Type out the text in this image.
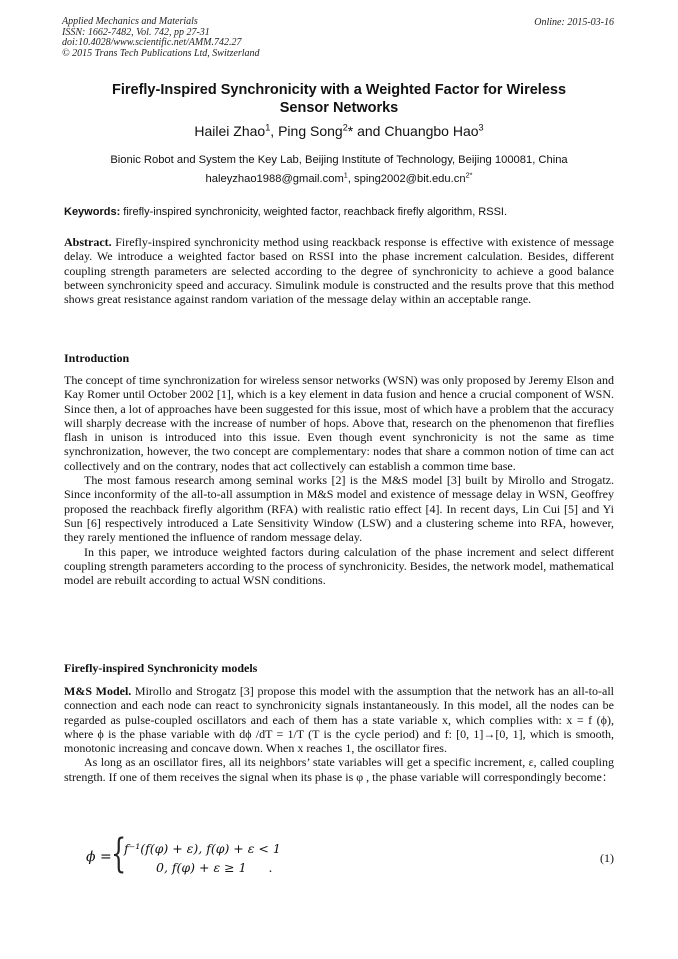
Applied Mechanics and Materials
ISSN: 1662-7482, Vol. 742, pp 27-31
doi:10.4028/www.scientific.net/AMM.742.27
© 2015 Trans Tech Publications Ltd, Switzerland
Online: 2015-03-16
Firefly-Inspired Synchronicity with a Weighted Factor for Wireless
Sensor Networks
Hailei Zhao$^1$, Ping Song$^2$* and Chuangbo Hao$^3$
Bionic Robot and System the Key Lab, Beijing Institute of Technology, Beijing 100081, China
haleyzhao1988@gmail.com$^1$, $sping2002@bit.edu.cn^{2*}$
Keywords: firefly-inspired synchronicity, weighted factor, reachback firefly algorithm, RSSI.

Abstract. Firefly-inspired synchronicity method using reackback response is effective with existence of message delay. We introduce a weighted factor based on RSSI into the phase increment calculation. Besides, different coupling strength parameters are selected according to the degree of synchronicity to achieve a good balance between synchronicity speed and accuracy. Simulink module is constructed and the results prove that this method shows great resistance against random variation of the message delay within an acceptable range.

Introduction

The concept of time synchronization for wireless sensor networks (WSN) was only proposed by Jeremy Elson and Kay Romer until October 2002 [1], which is a key element in data fusion and hence a crucial component of WSN. Since then, a lot of approaches have been suggested for this issue, most of which have a problem that the accuracy will sharply decrease with the increase of number of hops. Above that, research on the phenomenon that fireflies flash in unison is introduced into this issue. Even though event synchronicity is not the same as time synchronization, however, the two concept are complementary: nodes that share a common notion of time can act collectively and on the contrary, nodes that act collectively can establish a common time base.

The most famous research among seminal works [2] is the M&S model [3] built by Mirollo and Strogatz. Since inconformity of the all-to-all assumption in M&S model and existence of message delay in WSN, Geoffrey proposed the reachback firefly algorithm (RFA) with realistic ratio effect [4]. In recent days, Lin Cui [5] and Yi Sun [6] respectively introduced a Late Sensitivity Window (LSW) and a clustering scheme into RFA, however, they rarely mentioned the influence of random message delay.

In this paper, we introduce weighted factors during calculation of the phase increment and select different coupling strength parameters according to the process of synchronicity. Besides, the network model, mathematical model are rebuilt according to actual WSN conditions.

Firefly-inspired Synchronicity models

M&S Model. Mirollo and Strogatz [3] propose this model with the assumption that the network has an all-to-all connection and each node can react to synchronicity signals instantaneously. In this model, all the nodes can be regarded as pulse-coupled oscillators and each of them has a state variable x, which complies with: x = f (ϕ), where ϕ is the phase variable with dϕ /dT = 1/T (T is the cycle period) and f: [0, 1]→[0, 1], which is smooth, monotonic increasing and concave down. When x reaches 1, the oscillator fires.

As long as an oscillator fires, all its neighbors’ state variables will get a specific increment, ε, called coupling strength. If one of them receives the signal when its phase is φ , the phase variable will correspondingly become：

ϕ = {
f⁻¹(f(φ) + ε), f(φ) + ε < 1
0, f(φ) + ε ≥ 1 .
(1)
